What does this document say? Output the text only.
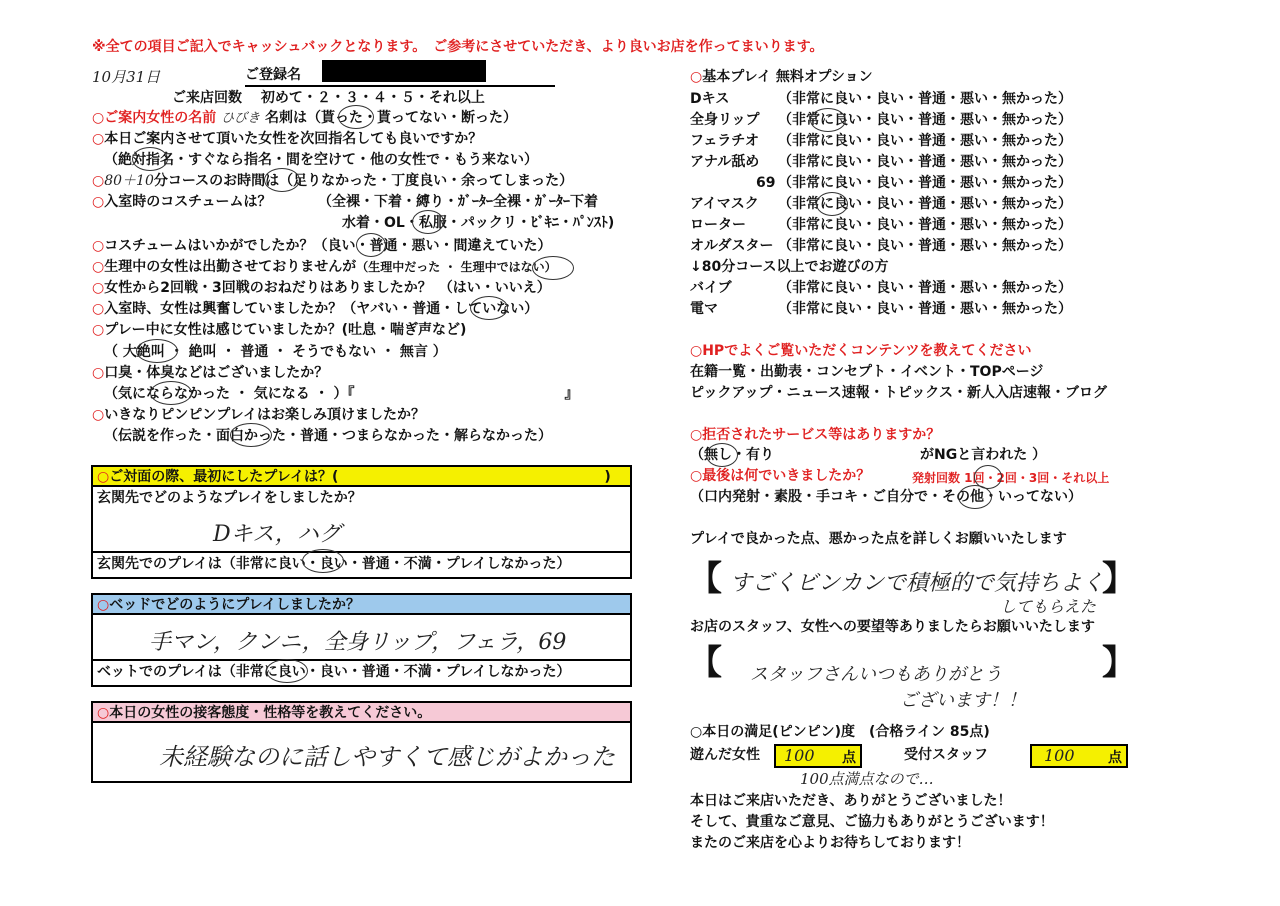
※全ての項目ご記入でキャッシュバックとなります。　ご参考にさせていただき、より良いお店を作ってまいります。
10月31日	ご登録名
ご来店回数　 初めて・２・３・４・５・それ以上
○ご案内女性の名前 ひびき 名刺は（貰った・貰ってない・断った）
○本日ご案内させて頂いた女性を次回指名しても良いですか？
（絶対指名・すぐなら指名・間を空けて・他の女性で・もう来ない）
○80＋10分コースのお時間は（足りなかった・丁度良い・余ってしまった）
○入室時のコスチュームは？	（全裸・下着・縛り・ｶﾞｰﾀｰ全裸・ｶﾞｰﾀｰ下着
水着・OL・私服・パックリ・ﾋﾞｷﾆ・ﾊﾟﾝｽﾄ)
○コスチュームはいかがでしたか？（良い・普通・悪い・間違えていた）
○生理中の女性は出勤させておりませんが（生理中だった ・ 生理中ではない）
○女性から2回戦・3回戦のおねだりはありましたか？　（はい・いいえ）
○入室時、女性は興奮していましたか？（ヤバい・普通・していない）
○プレー中に女性は感じていましたか？(吐息・喘ぎ声など)
（ 大絶叫 ・ 絶叫 ・ 普通 ・ そうでもない ・ 無言 ）
○口臭・体臭などはございましたか？
（気にならなかった ・ 気になる ・ ）『　　　　　　　　　　　　　　　』
○いきなりピンピンプレイはお楽しみ頂けましたか？
（伝説を作った・面白かった・普通・つまらなかった・解らなかった）
○ご対面の際、最初にしたプレイは？(　　　　　　　　　　　　　　　　　　　)
玄関先でどのようなプレイをしましたか？
Dキス，ハグ
玄関先でのプレイは（非常に良い・良い・普通・不満・プレイしなかった）
○ベッドでどのようにプレイしましたか？
手マン，クンニ，全身リップ，フェラ，69
ベットでのプレイは（非常に良い・良い・普通・不満・プレイしなかった）
○本日の女性の接客態度・性格等を教えてください。
未経験なのに話しやすくて感じがよかった
○基本プレイ 無料オプション
Dキス	（非常に良い・良い・普通・悪い・無かった）
全身リップ （非常に良い・良い・普通・悪い・無かった）
フェラチオ （非常に良い・良い・普通・悪い・無かった）
アナル舐め （非常に良い・良い・普通・悪い・無かった）
69 （非常に良い・良い・普通・悪い・無かった）
アイマスク （非常に良い・良い・普通・悪い・無かった）
ローター （非常に良い・良い・普通・悪い・無かった）
オルダスター （非常に良い・良い・普通・悪い・無かった）
↓80分コース以上でお遊びの方
バイブ	（非常に良い・良い・普通・悪い・無かった）
電マ	（非常に良い・良い・普通・悪い・無かった）
○HPでよくご覧いただくコンテンツを教えてください
在籍一覧・出勤表・コンセプト・イベント・TOPページ
ピックアップ・ニュース速報・トピックス・新人入店速報・ブログ
○拒否されたサービス等はありますか？
（無し・有り	がNGと言われた ）
○最後は何でいきましたか？	発射回数 1回・2回・3回・それ以上
（口内発射・素股・手コキ・ご自分で・その他・いってない）
プレイで良かった点、悪かった点を詳しくお願いいたします
【 すごくビンカンで積極的で気持ちよく
】
してもらえた
お店のスタッフ、女性への要望等ありましたらお願いいたします
【 スタッフさんいつもありがとう
ございます！！
】
○本日の満足(ピンピン)度　(合格ライン 85点)
遊んだ女性 100 点	受付スタッフ	100 点
100点満点なので…
本日はご来店いただき、ありがとうございました！
そして、貴重なご意見、ご協力もありがとうございます！
またのご来店を心よりお待ちしております！
